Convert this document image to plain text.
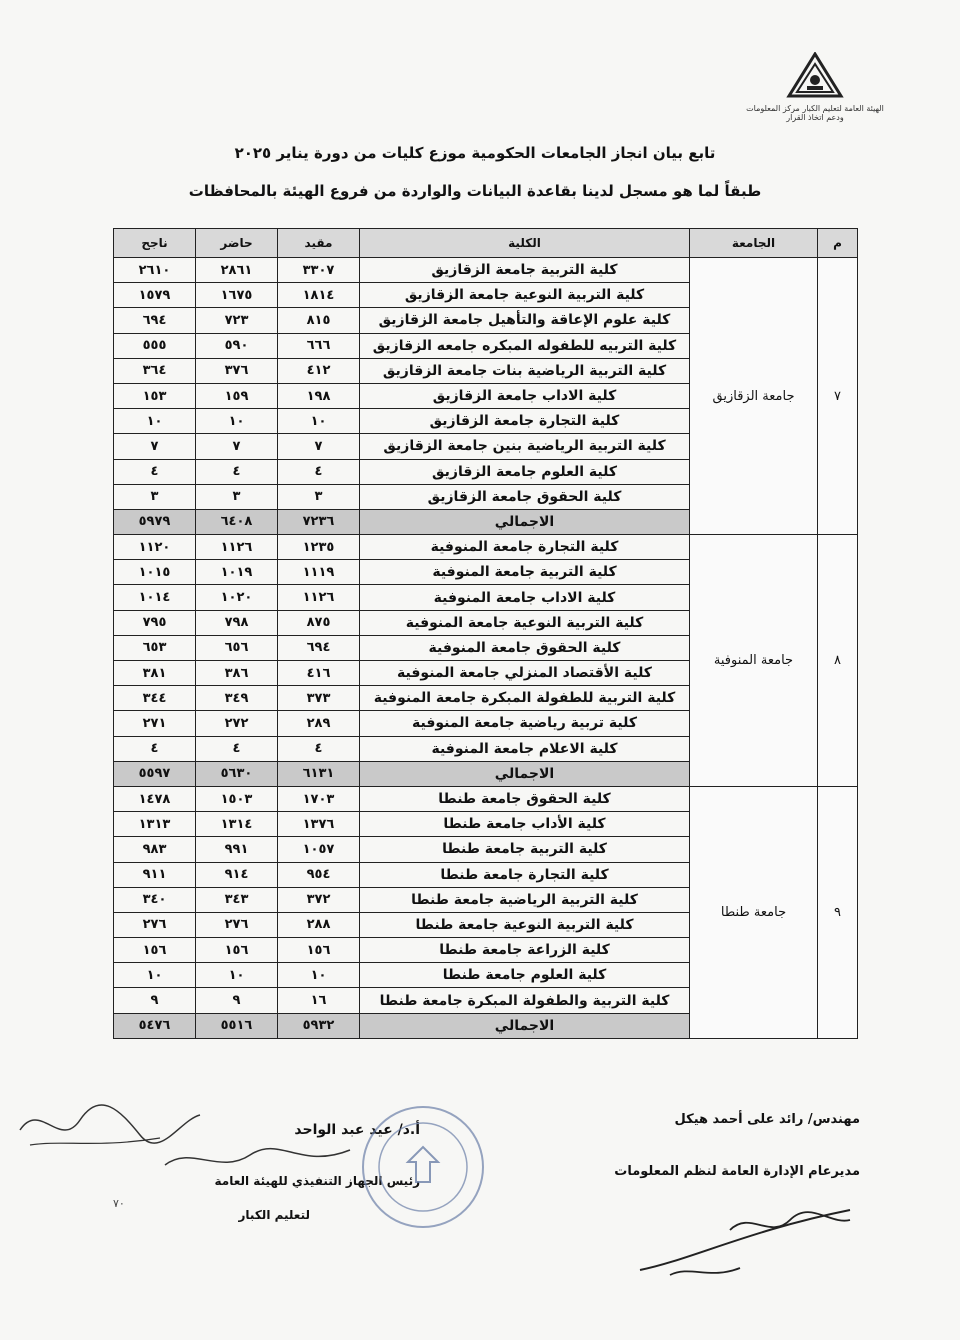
الهيئة العامة لتعليم الكبار مركز المعلومات ودعم اتخاذ القرار
تابع بيان انجاز الجامعات الحكومية موزع كليات من دورة يناير ٢٠٢٥
طبقاً لما هو مسجل لدينا بقاعدة البيانات والواردة من فروع الهيئة بالمحافظات
م	الجامعة	الكلية	مقيد	حاضر	ناجح
٧	جامعة الزقازيق	كلية التربية جامعة الزقازيق	٣٣٠٧	٢٨٦١	٢٦١٠
		كلية التربية النوعية جامعة الزقازيق	١٨١٤	١٦٧٥	١٥٧٩
		كلية علوم الإعاقة والتأهيل جامعة الزقازيق	٨١٥	٧٢٣	٦٩٤
		كلية التربيه للطفوله المبكره جامعه الزقازيق	٦٦٦	٥٩٠	٥٥٥
		كلية التربية الرياضية بنات جامعة الزقازيق	٤١٢	٣٧٦	٣٦٤
		كلية الاداب جامعة الزقازيق	١٩٨	١٥٩	١٥٣
		كلية التجارة جامعة الزقازيق	١٠	١٠	١٠
		كلية التربية الرياضية بنين جامعة الزقازيق	٧	٧	٧
		كلية العلوم جامعة الزقازيق	٤	٤	٤
		كلية الحقوق جامعة الزقازيق	٣	٣	٣
		الاجمالي	٧٢٣٦	٦٤٠٨	٥٩٧٩
٨	جامعة المنوفية	كلية التجارة جامعة المنوفية	١٢٣٥	١١٢٦	١١٢٠
		كلية التربية جامعة المنوفية	١١١٩	١٠١٩	١٠١٥
		كلية الاداب جامعة المنوفية	١١٢٦	١٠٢٠	١٠١٤
		كلية التربية النوعية جامعة المنوفية	٨٧٥	٧٩٨	٧٩٥
		كلية الحقوق جامعة المنوفية	٦٩٤	٦٥٦	٦٥٣
		كلية الأقتصاد المنزلي جامعة المنوفية	٤١٦	٣٨٦	٣٨١
		كلية التربية للطفولة المبكرة جامعة المنوفية	٣٧٣	٣٤٩	٣٤٤
		كلية تربية رياضية جامعة المنوفية	٢٨٩	٢٧٢	٢٧١
		كلية الاعلام جامعة المنوفية	٤	٤	٤
		الاجمالي	٦١٣١	٥٦٣٠	٥٥٩٧
٩	جامعة طنطا	كلية الحقوق جامعة طنطا	١٧٠٣	١٥٠٣	١٤٧٨
		كلية الأداب جامعة طنطا	١٣٧٦	١٣١٤	١٣١٣
		كلية التربية جامعة طنطا	١٠٥٧	٩٩١	٩٨٣
		كلية التجارة جامعة طنطا	٩٥٤	٩١٤	٩١١
		كلية التربية الرياضية جامعة طنطا	٣٧٢	٣٤٣	٣٤٠
		كلية التربية النوعية جامعة طنطا	٢٨٨	٢٧٦	٢٧٦
		كلية الزراعة جامعة طنطا	١٥٦	١٥٦	١٥٦
		كلية العلوم جامعة طنطا	١٠	١٠	١٠
		كلية التربية والطفولة المبكرة جامعة طنطا	١٦	٩	٩
		الاجمالي	٥٩٣٢	٥٥١٦	٥٤٧٦
مهندس/ رائد على أحمد هيكل
مديرعام الإدارة العامة لنظم المعلومات
أ.د/ عيد عبد الواحد
رئيس الجهاز التنفيذي للهيئة العامة
لتعليم الكبار
٧٠
